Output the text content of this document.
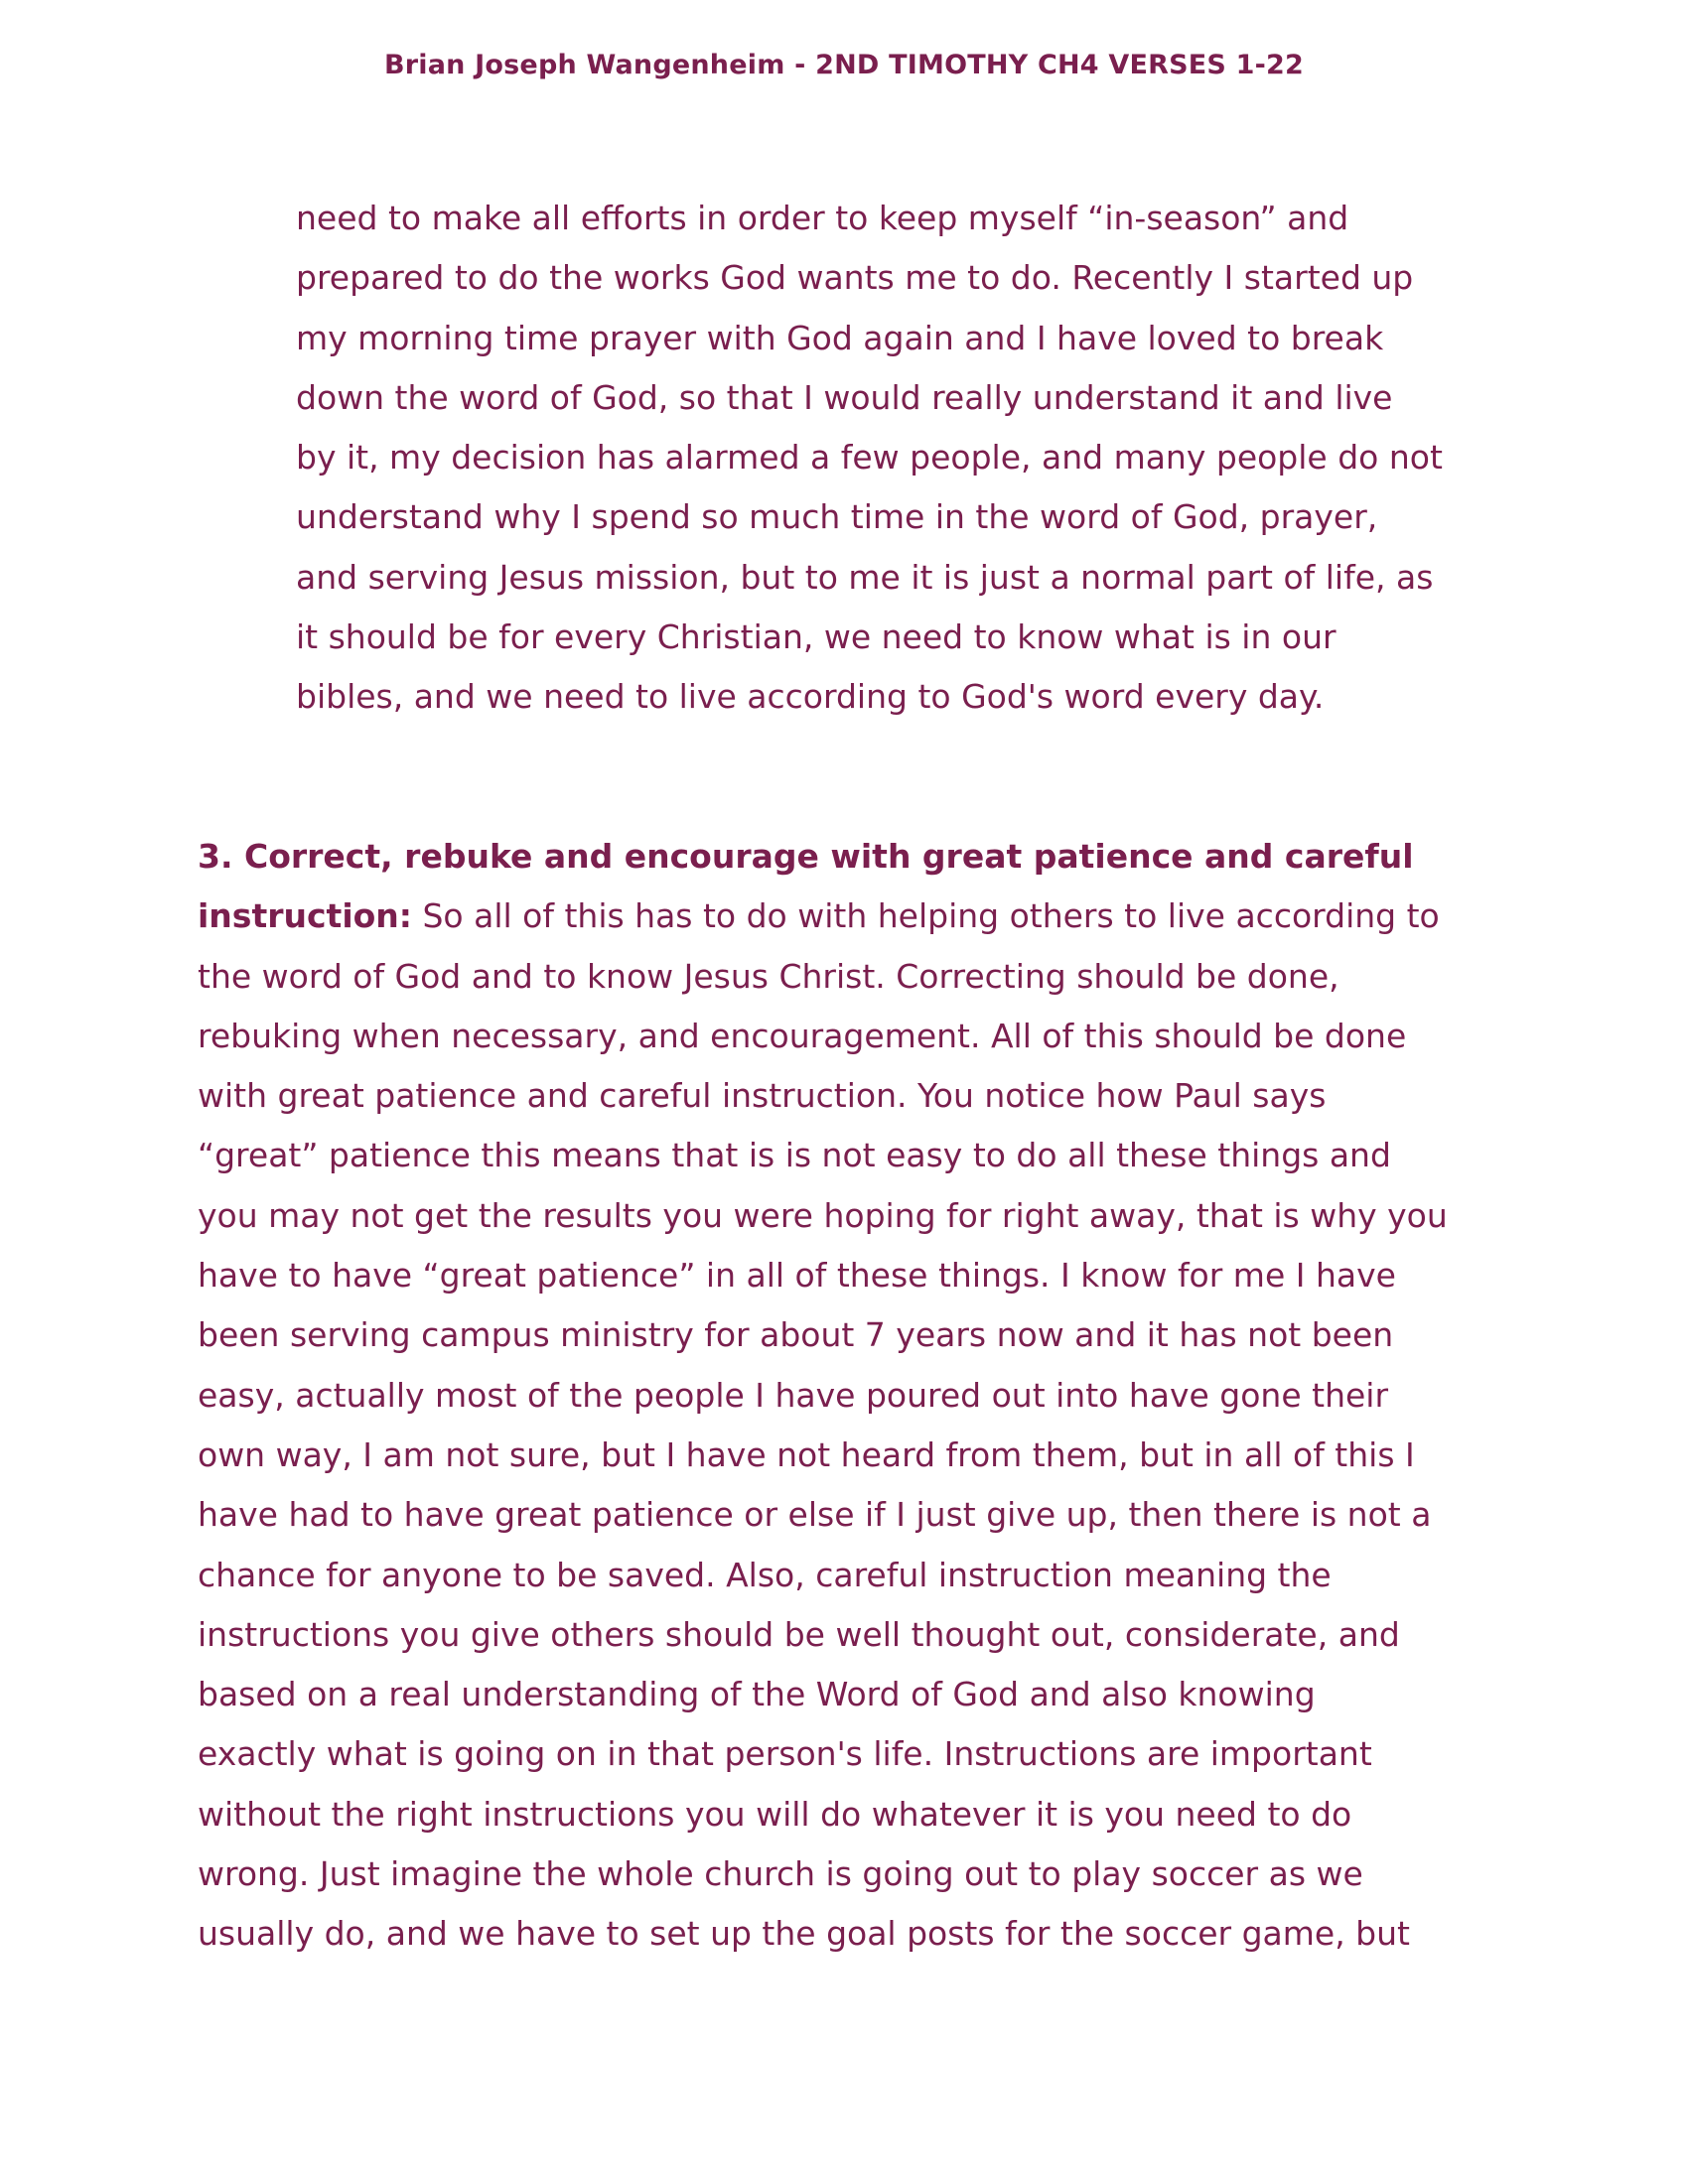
Brian Joseph Wangenheim - 2ND TIMOTHY CH4 VERSES 1-22
need to make all efforts in order to keep myself “in-season” and
prepared to do the works God wants me to do. Recently I started up
my morning time prayer with God again and I have loved to break
down the word of God, so that I would really understand it and live
by it, my decision has alarmed a few people, and many people do not
understand why I spend so much time in the word of God, prayer,
and serving Jesus mission, but to me it is just a normal part of life, as
it should be for every Christian, we need to know what is in our
bibles, and we need to live according to God's word every day.
3. Correct, rebuke and encourage with great patience and careful
instruction: So all of this has to do with helping others to live according to
the word of God and to know Jesus Christ. Correcting should be done,
rebuking when necessary, and encouragement. All of this should be done
with great patience and careful instruction. You notice how Paul says
“great” patience this means that is is not easy to do all these things and
you may not get the results you were hoping for right away, that is why you
have to have “great patience” in all of these things. I know for me I have
been serving campus ministry for about 7 years now and it has not been
easy, actually most of the people I have poured out into have gone their
own way, I am not sure, but I have not heard from them, but in all of this I
have had to have great patience or else if I just give up, then there is not a
chance for anyone to be saved. Also, careful instruction meaning the
instructions you give others should be well thought out, considerate, and
based on a real understanding of the Word of God and also knowing
exactly what is going on in that person's life. Instructions are important
without the right instructions you will do whatever it is you need to do
wrong. Just imagine the whole church is going out to play soccer as we
usually do, and we have to set up the goal posts for the soccer game, but
